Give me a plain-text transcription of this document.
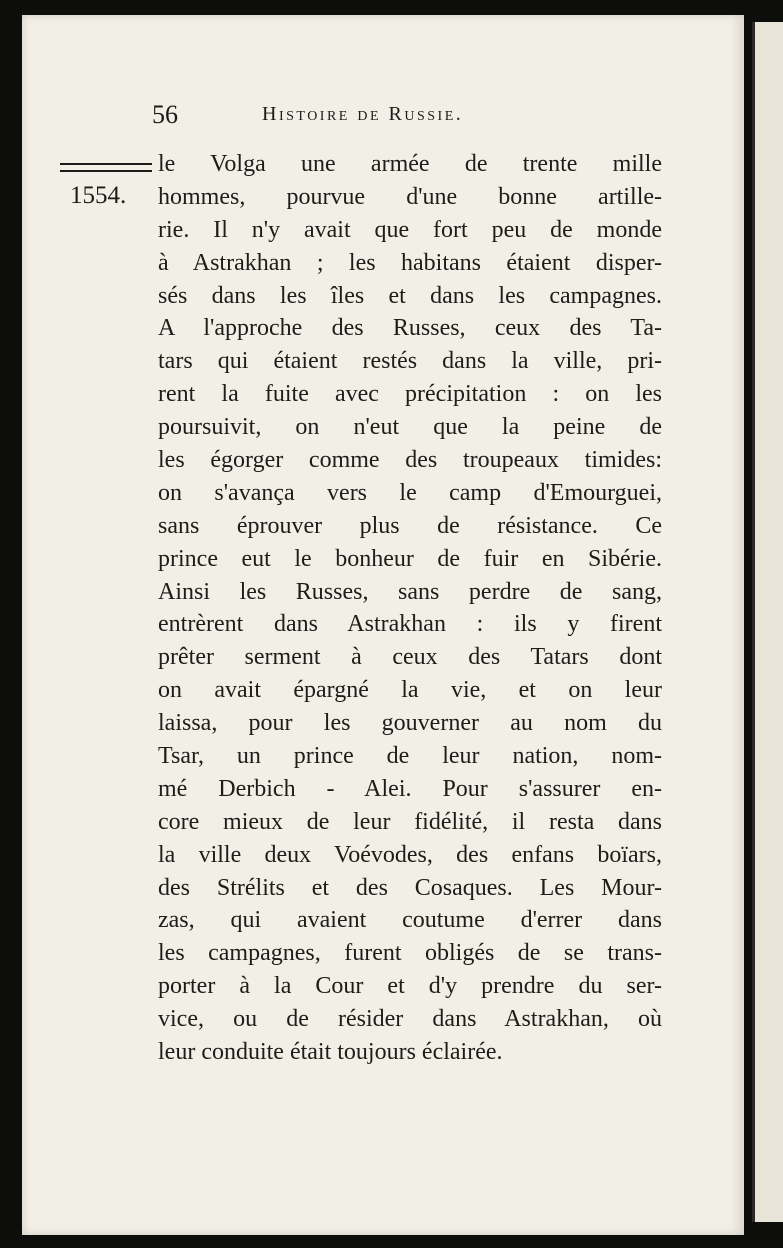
56	Histoire de Russie.
1554.
le Volga une armée de trente mille
hommes, pourvue d'une bonne artille-
rie. Il n'y avait que fort peu de monde
à Astrakhan ; les habitans étaient disper-
sés dans les îles et dans les campagnes.
A l'approche des Russes, ceux des Ta-
tars qui étaient restés dans la ville, pri-
rent la fuite avec précipitation : on les
poursuivit, on n'eut que la peine de
les égorger comme des troupeaux timides:
on s'avança vers le camp d'Emourguei,
sans éprouver plus de résistance. Ce
prince eut le bonheur de fuir en Sibérie.
Ainsi les Russes, sans perdre de sang,
entrèrent dans Astrakhan : ils y firent
prêter serment à ceux des Tatars dont
on avait épargné la vie, et on leur
laissa, pour les gouverner au nom du
Tsar, un prince de leur nation, nom-
mé Derbich - Alei. Pour s'assurer en-
core mieux de leur fidélité, il resta dans
la ville deux Voévodes, des enfans boïars,
des Strélits et des Cosaques. Les Mour-
zas, qui avaient coutume d'errer dans
les campagnes, furent obligés de se trans-
porter à la Cour et d'y prendre du ser-
vice, ou de résider dans Astrakhan, où
leur conduite était toujours éclairée.
